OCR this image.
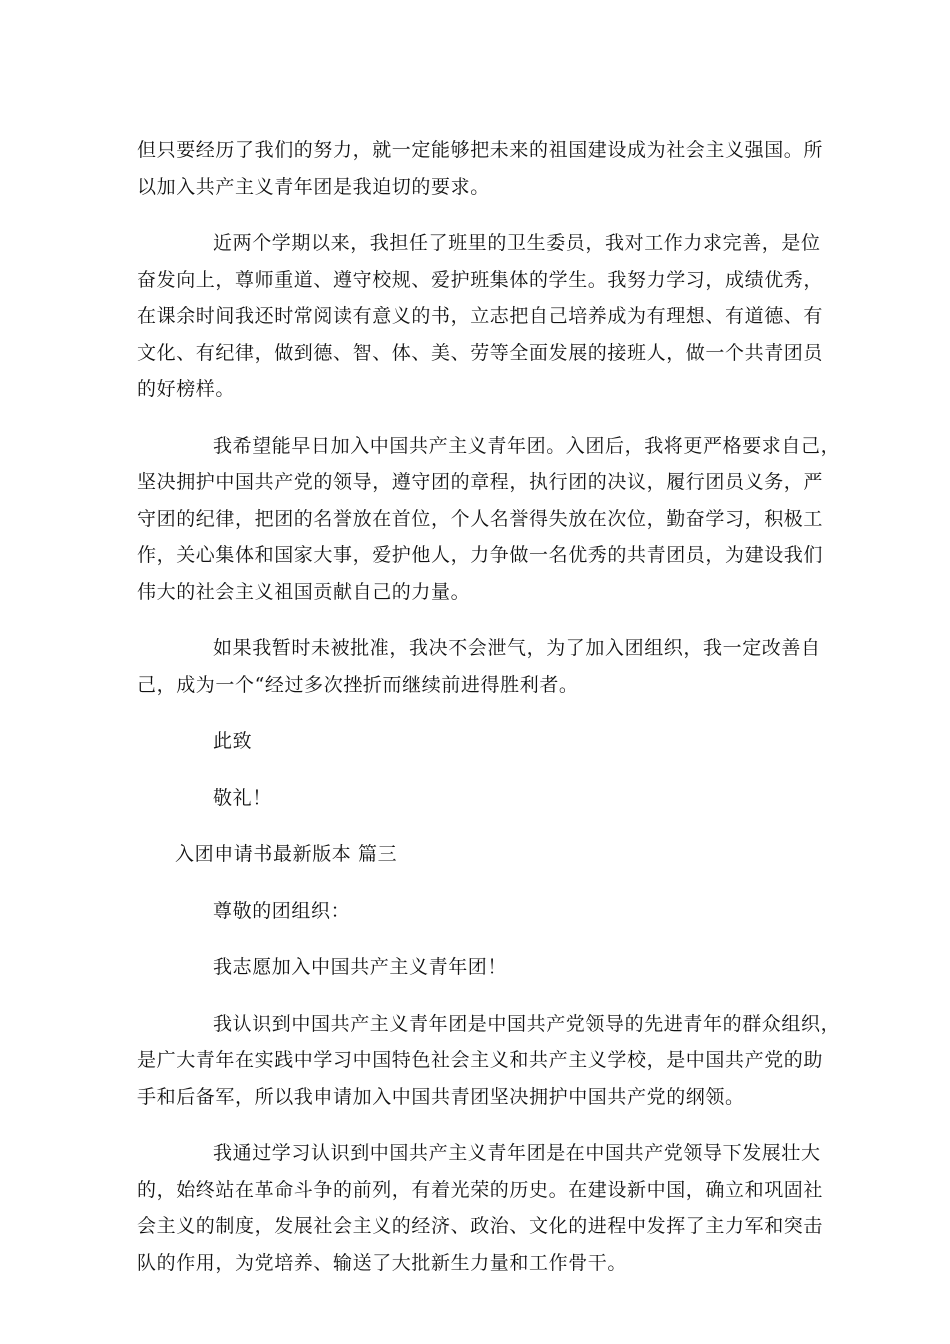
但只要经历了我们的努力，就一定能够把未来的祖国建设成为社会主义强国。所
以加入共产主义青年团是我迫切的要求。

近两个学期以来，我担任了班里的卫生委员，我对工作力求完善，是位
奋发向上，尊师重道、遵守校规、爱护班集体的学生。我努力学习，成绩优秀，
在课余时间我还时常阅读有意义的书，立志把自己培养成为有理想、有道德、有
文化、有纪律，做到德、智、体、美、劳等全面发展的接班人，做一个共青团员
的好榜样。

我希望能早日加入中国共产主义青年团。入团后，我将更严格要求自己，
坚决拥护中国共产党的领导，遵守团的章程，执行团的决议，履行团员义务，严
守团的纪律，把团的名誉放在首位，个人名誉得失放在次位，勤奋学习，积极工
作，关心集体和国家大事，爱护他人，力争做一名优秀的共青团员，为建设我们
伟大的社会主义祖国贡献自己的力量。

如果我暂时未被批准，我决不会泄气，为了加入团组织，我一定改善自
己，成为一个“经过多次挫折而继续前进得胜利者。

此致

敬礼！

入团申请书最新版本 篇三

尊敬的团组织：

我志愿加入中国共产主义青年团！

我认识到中国共产主义青年团是中国共产党领导的先进青年的群众组织，
是广大青年在实践中学习中国特色社会主义和共产主义学校，是中国共产党的助
手和后备军，所以我申请加入中国共青团坚决拥护中国共产党的纲领。

我通过学习认识到中国共产主义青年团是在中国共产党领导下发展壮大
的，始终站在革命斗争的前列，有着光荣的历史。在建设新中国，确立和巩固社
会主义的制度，发展社会主义的经济、政治、文化的进程中发挥了主力军和突击
队的作用，为党培养、输送了大批新生力量和工作骨干。
